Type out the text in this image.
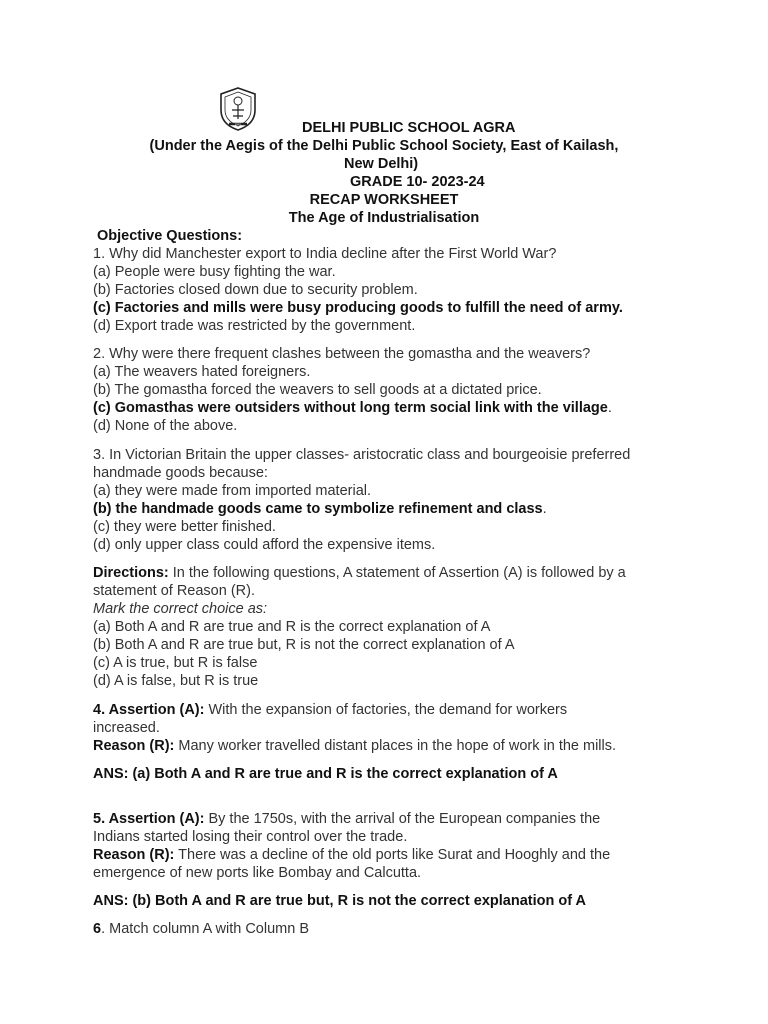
DPS	DELHI PUBLIC SCHOOL AGRA
(Under the Aegis of the Delhi Public School Society, East of Kailash,
New Delhi)
GRADE 10- 2023-24
RECAP WORKSHEET
The Age of Industrialisation
Objective Questions:
1. Why did Manchester export to India decline after the First World War?
(a) People were busy fighting the war.
(b) Factories closed down due to security problem.
(c) Factories and mills were busy producing goods to fulfill the need of army.
(d) Export trade was restricted by the government.
2. Why were there frequent clashes between the gomastha and the weavers?
(a) The weavers hated foreigners.
(b) The gomastha forced the weavers to sell goods at a dictated price.
(c) Gomasthas were outsiders without long term social link with the village.
(d) None of the above.
3. In Victorian Britain the upper classes- aristocratic class and bourgeoisie preferred
handmade goods because:
(a) they were made from imported material.
(b) the handmade goods came to symbolize refinement and class.
(c) they were better finished.
(d) only upper class could afford the expensive items.
Directions: In the following questions, A statement of Assertion (A) is followed by a
statement of Reason (R).
Mark the correct choice as:
(a) Both A and R are true and R is the correct explanation of A
(b) Both A and R are true but, R is not the correct explanation of A
(c) A is true, but R is false
(d) A is false, but R is true
4. Assertion (A): With the expansion of factories, the demand for workers
increased.
Reason (R): Many worker travelled distant places in the hope of work in the mills.
ANS: (a) Both A and R are true and R is the correct explanation of A
5. Assertion (A): By the 1750s, with the arrival of the European companies the
Indians started losing their control over the trade.
Reason (R): There was a decline of the old ports like Surat and Hooghly and the
emergence of new ports like Bombay and Calcutta.
ANS: (b) Both A and R are true but, R is not the correct explanation of A
6. Match column A with Column B
